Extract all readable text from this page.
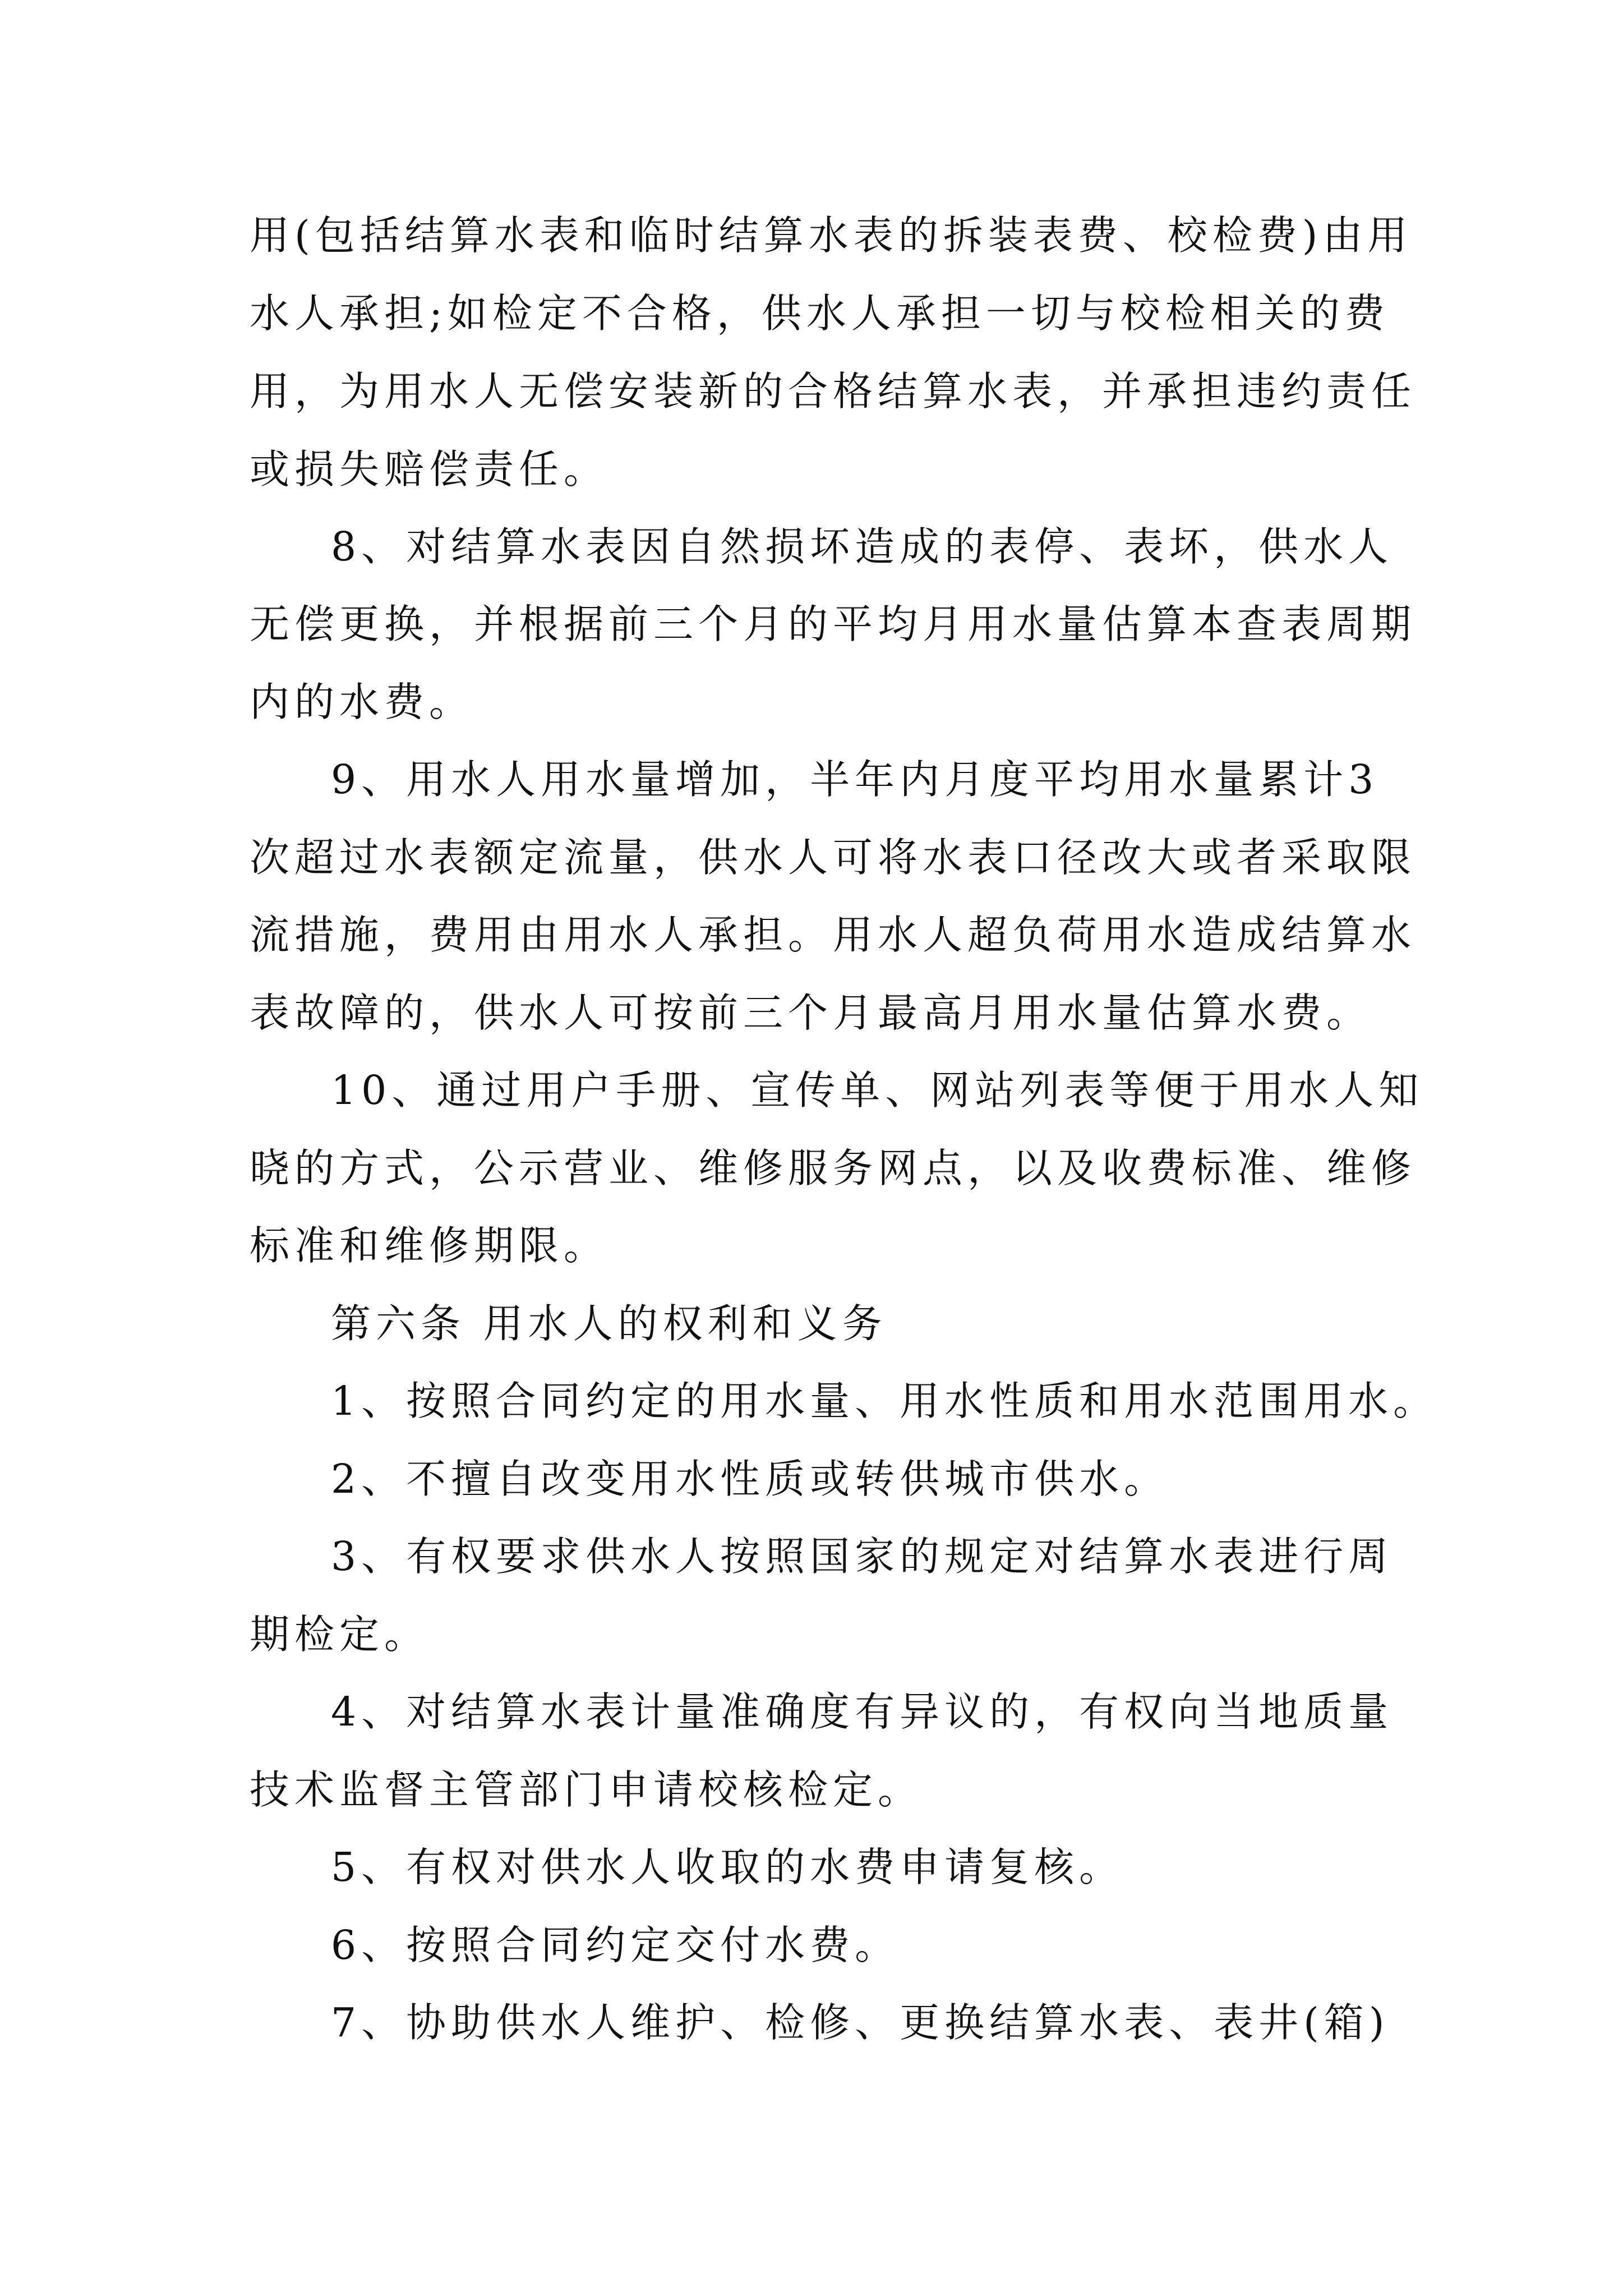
用(包括结算水表和临时结算水表的拆装表费、校检费)由用
水人承担;如检定不合格，供水人承担一切与校检相关的费
用，为用水人无偿安装新的合格结算水表，并承担违约责任
或损失赔偿责任。
8、对结算水表因自然损坏造成的表停、表坏，供水人
无偿更换，并根据前三个月的平均月用水量估算本查表周期
内的水费。
9、用水人用水量增加，半年内月度平均用水量累计3
次超过水表额定流量，供水人可将水表口径改大或者采取限
流措施，费用由用水人承担。用水人超负荷用水造成结算水
表故障的，供水人可按前三个月最高月用水量估算水费。
10、通过用户手册、宣传单、网站列表等便于用水人知
晓的方式，公示营业、维修服务网点，以及收费标准、维修
标准和维修期限。
第六条 用水人的权利和义务
1、按照合同约定的用水量、用水性质和用水范围用水。
2、不擅自改变用水性质或转供城市供水。
3、有权要求供水人按照国家的规定对结算水表进行周
期检定。
4、对结算水表计量准确度有异议的，有权向当地质量
技术监督主管部门申请校核检定。
5、有权对供水人收取的水费申请复核。
6、按照合同约定交付水费。
7、协助供水人维护、检修、更换结算水表、表井(箱)
